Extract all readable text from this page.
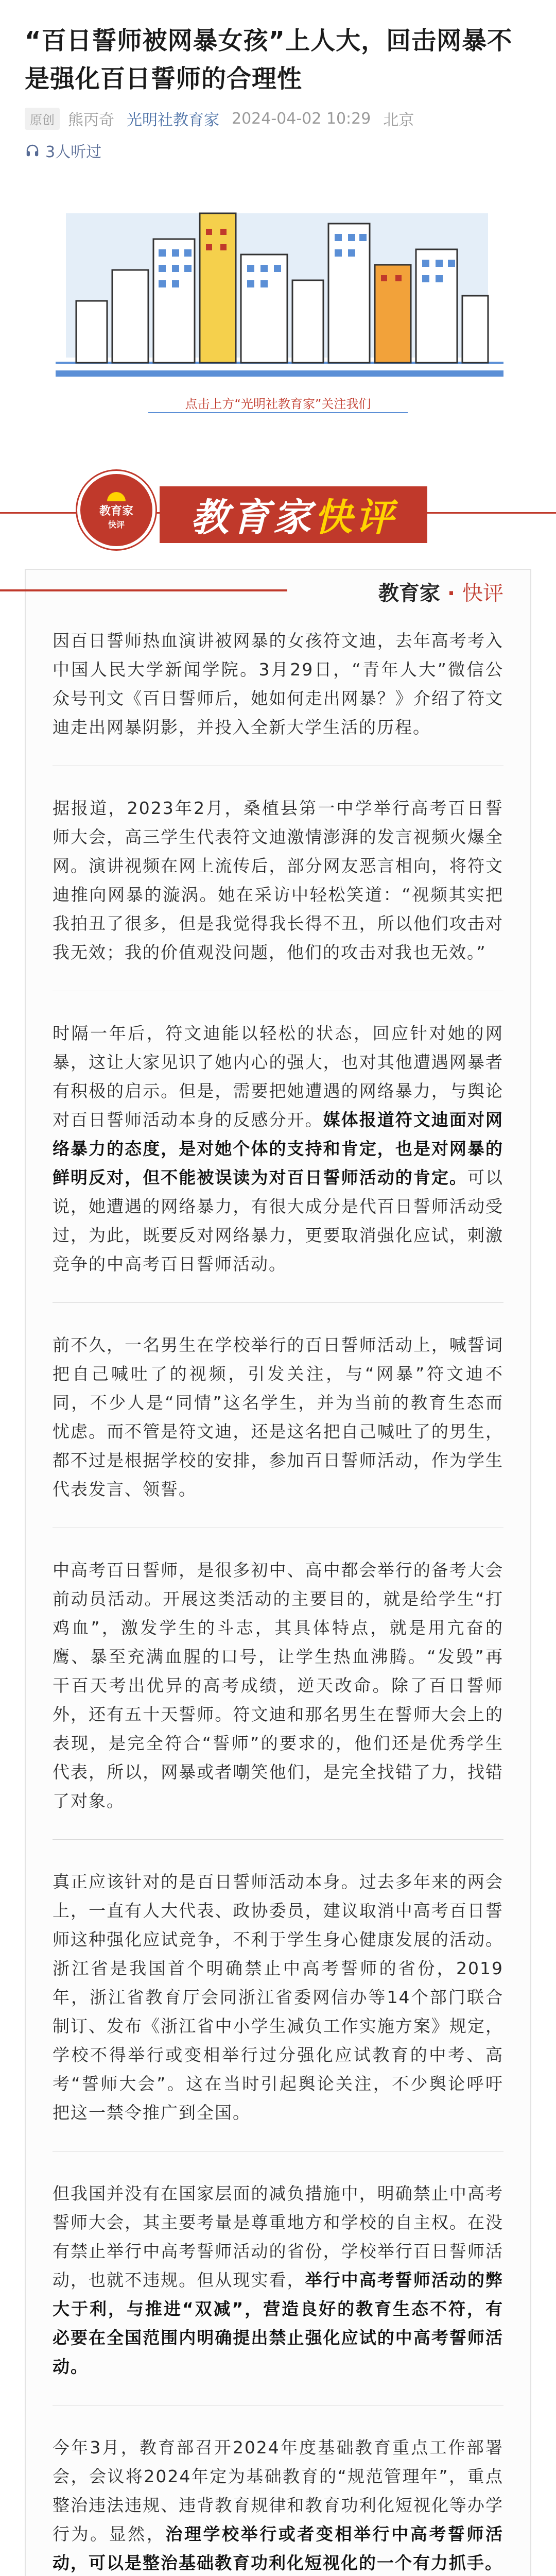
“百日誓师被网暴女孩”上人大，回击网暴不是强化百日誓师的合理性
原创 熊丙奇 光明社教育家 2024-04-02 10:29 北京
3人听过
点击上方“光明社教育家”关注我们
教育家
快评 教育家 快评
教育家 · 快评

因百日誓师热血演讲被网暴的女孩符文迪，去年高考考入中国人民大学新闻学院。3月29日，“青年人大”微信公众号刊文《百日誓师后，她如何走出网暴？》介绍了符文迪走出网暴阴影，并投入全新大学生活的历程。

据报道，2023年2月，桑植县第一中学举行高考百日誓师大会，高三学生代表符文迪激情澎湃的发言视频火爆全网。演讲视频在网上流传后，部分网友恶言相向，将符文迪推向网暴的漩涡。她在采访中轻松笑道：“视频其实把我拍丑了很多，但是我觉得我长得不丑，所以他们攻击对我无效；我的价值观没问题，他们的攻击对我也无效。”

时隔一年后，符文迪能以轻松的状态，回应针对她的网暴，这让大家见识了她内心的强大，也对其他遭遇网暴者有积极的启示。但是，需要把她遭遇的网络暴力，与舆论对百日誓师活动本身的反感分开。媒体报道符文迪面对网络暴力的态度，是对她个体的支持和肯定，也是对网暴的鲜明反对，但不能被误读为对百日誓师活动的肯定。可以说，她遭遇的网络暴力，有很大成分是代百日誓师活动受过，为此，既要反对网络暴力，更要取消强化应试，刺激竞争的中高考百日誓师活动。

前不久，一名男生在学校举行的百日誓师活动上，喊誓词把自己喊吐了的视频，引发关注，与“网暴”符文迪不同，不少人是“同情”这名学生，并为当前的教育生态而忧虑。而不管是符文迪，还是这名把自己喊吐了的男生，都不过是根据学校的安排，参加百日誓师活动，作为学生代表发言、领誓。

中高考百日誓师，是很多初中、高中都会举行的备考大会前动员活动。开展这类活动的主要目的，就是给学生“打鸡血”，激发学生的斗志，其具体特点，就是用亢奋的鹰、暴至充满血腥的口号，让学生热血沸腾。“发毁”再干百天考出优异的高考成绩，逆天改命。除了百日誓师外，还有五十天誓师。符文迪和那名男生在誓师大会上的表现，是完全符合“誓师”的要求的，他们还是优秀学生代表，所以，网暴或者嘲笑他们，是完全找错了力，找错了对象。

真正应该针对的是百日誓师活动本身。过去多年来的两会上，一直有人大代表、政协委员，建议取消中高考百日誓师这种强化应试竞争，不利于学生身心健康发展的活动。浙江省是我国首个明确禁止中高考誓师的省份，2019年，浙江省教育厅会同浙江省委网信办等14个部门联合制订、发布《浙江省中小学生减负工作实施方案》规定，学校不得举行或变相举行过分强化应试教育的中考、高考“誓师大会”。这在当时引起舆论关注，不少舆论呼吁把这一禁令推广到全国。

但我国并没有在国家层面的减负措施中，明确禁止中高考誓师大会，其主要考量是尊重地方和学校的自主权。在没有禁止举行中高考誓师活动的省份，学校举行百日誓师活动，也就不违规。但从现实看，举行中高考誓师活动的弊大于利，与推进“双减”，营造良好的教育生态不符，有必要在全国范围内明确提出禁止强化应试的中高考誓师活动。

今年3月，教育部召开2024年度基础教育重点工作部署会，会议将2024年定为基础教育的“规范管理年”，重点整治违法违规、违背教育规律和教育功利化短视化等办学行为。显然，治理学校举行或者变相举行中高考誓师活动，可以是整治基础教育功利化短视化的一个有力抓手。
